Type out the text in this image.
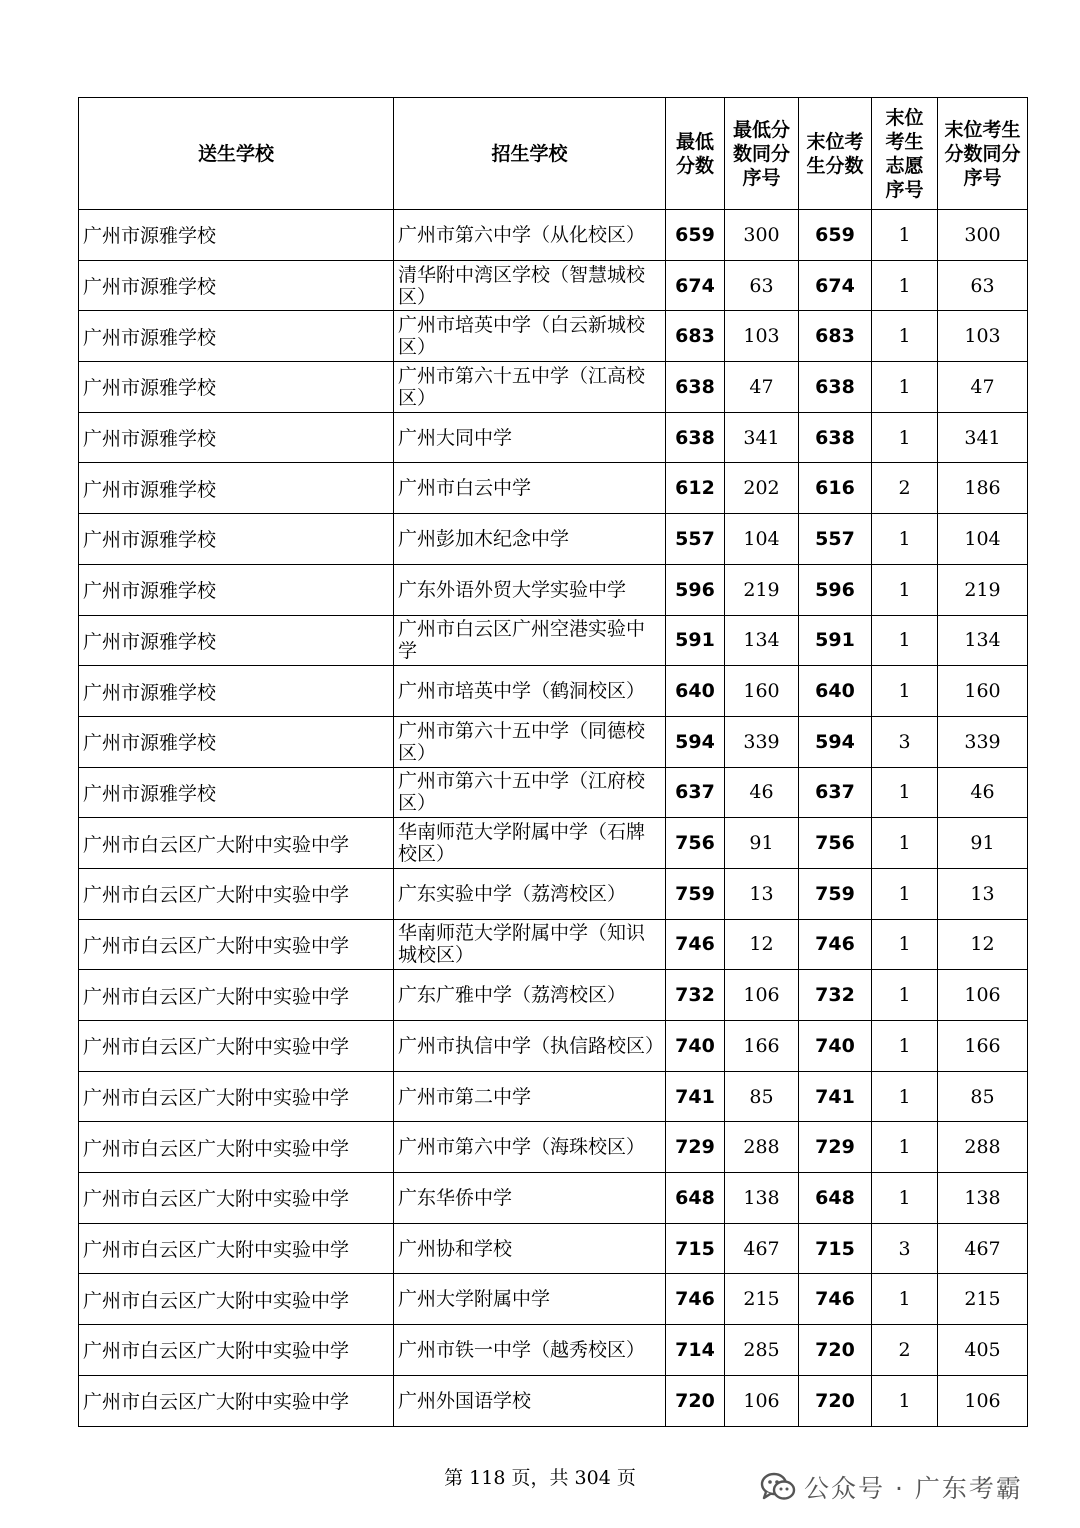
送生学校	招生学校	最低分数	最低分数同分序号	末位考生分数	末位考生志愿序号	末位考生分数同分序号
广州市源雅学校	广州市第六中学（从化校区）	659	300	659	1	300
广州市源雅学校	清华附中湾区学校（智慧城校区）	674	63	674	1	63
广州市源雅学校	广州市培英中学（白云新城校区）	683	103	683	1	103
广州市源雅学校	广州市第六十五中学（江高校区）	638	47	638	1	47
广州市源雅学校	广州大同中学	638	341	638	1	341
广州市源雅学校	广州市白云中学	612	202	616	2	186
广州市源雅学校	广州彭加木纪念中学	557	104	557	1	104
广州市源雅学校	广东外语外贸大学实验中学	596	219	596	1	219
广州市源雅学校	广州市白云区广州空港实验中学	591	134	591	1	134
广州市源雅学校	广州市培英中学（鹤洞校区）	640	160	640	1	160
广州市源雅学校	广州市第六十五中学（同德校区）	594	339	594	3	339
广州市源雅学校	广州市第六十五中学（江府校区）	637	46	637	1	46
广州市白云区广大附中实验中学	华南师范大学附属中学（石牌校区）	756	91	756	1	91
广州市白云区广大附中实验中学	广东实验中学（荔湾校区）	759	13	759	1	13
广州市白云区广大附中实验中学	华南师范大学附属中学（知识城校区）	746	12	746	1	12
广州市白云区广大附中实验中学	广东广雅中学（荔湾校区）	732	106	732	1	106
广州市白云区广大附中实验中学	广州市执信中学（执信路校区）	740	166	740	1	166
广州市白云区广大附中实验中学	广州市第二中学	741	85	741	1	85
广州市白云区广大附中实验中学	广州市第六中学（海珠校区）	729	288	729	1	288
广州市白云区广大附中实验中学	广东华侨中学	648	138	648	1	138
广州市白云区广大附中实验中学	广州协和学校	715	467	715	3	467
广州市白云区广大附中实验中学	广州大学附属中学	746	215	746	1	215
广州市白云区广大附中实验中学	广州市铁一中学（越秀校区）	714	285	720	2	405
广州市白云区广大附中实验中学	广州外国语学校	720	106	720	1	106
第 118 页，共 304 页	公众号 · 广东考霸
